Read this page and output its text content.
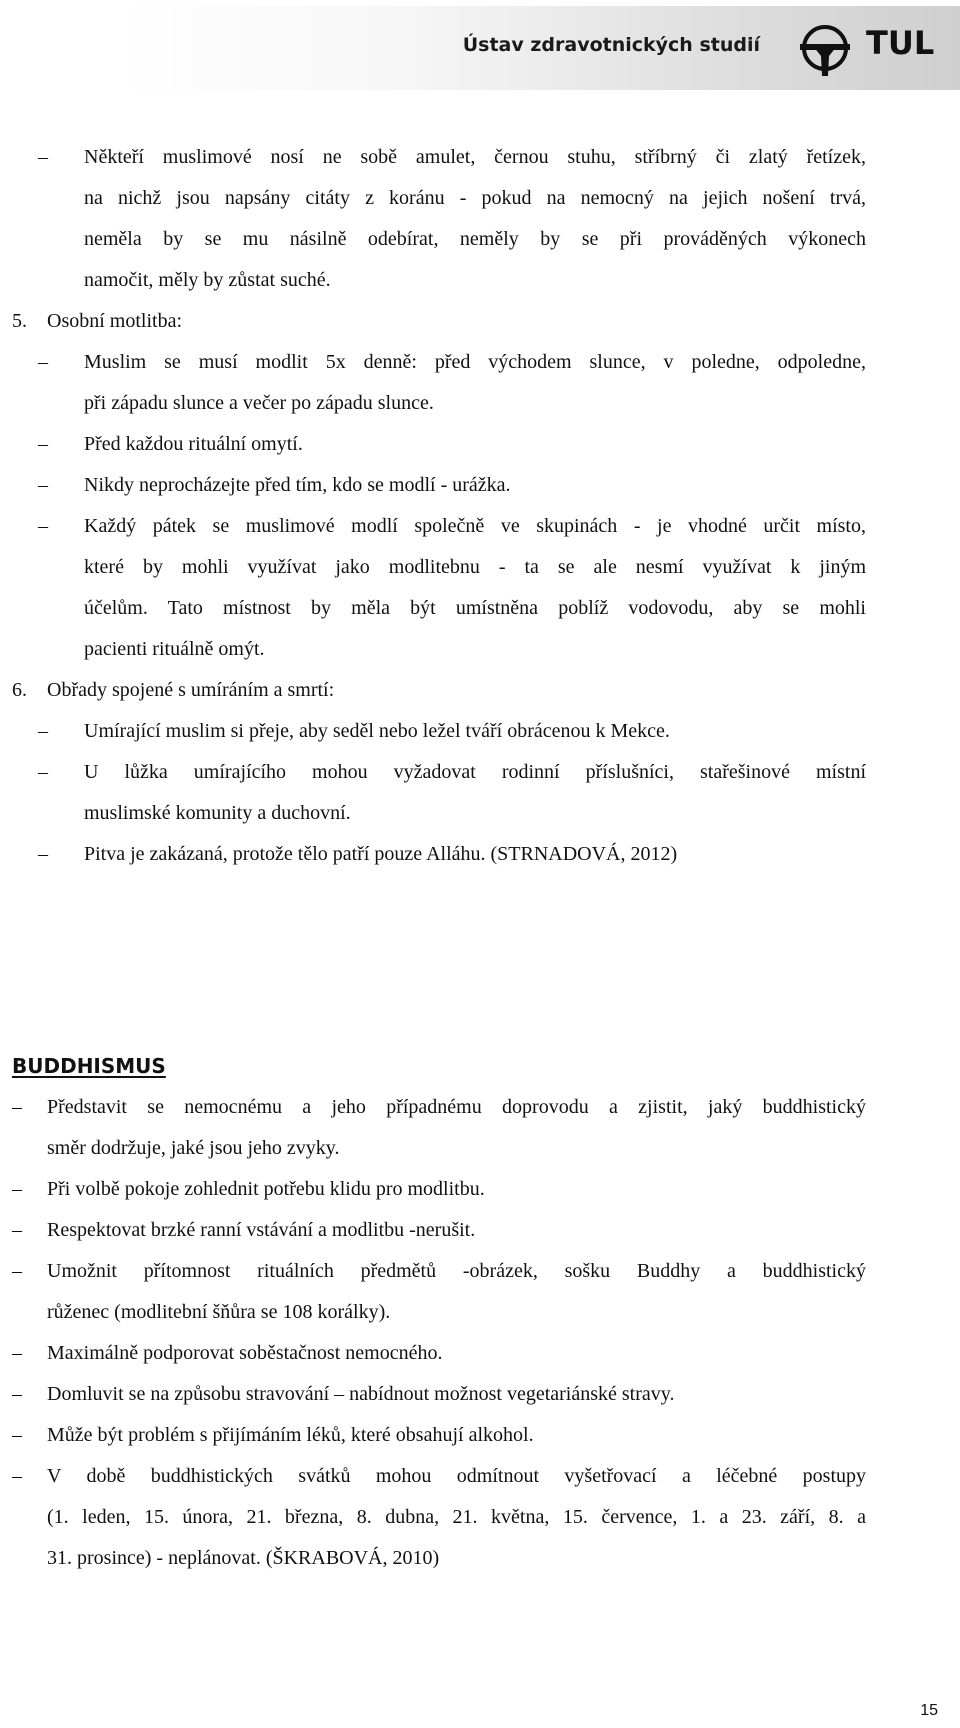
Ústav zdravotnických studií	TUL
– Někteří muslimové nosí ne sobě amulet, černou stuhu, stříbrný či zlatý řetízek,
na nichž jsou napsány citáty z koránu - pokud na nemocný na jejich nošení trvá,
neměla by se mu násilně odebírat, neměly by se při prováděných výkonech
namočit, měly by zůstat suché.
5. Osobní motlitba:
– Muslim se musí modlit 5x denně: před východem slunce, v poledne, odpoledne,
při západu slunce a večer po západu slunce.
– Před každou rituální omytí.
– Nikdy neprocházejte před tím, kdo se modlí - urážka.
– Každý pátek se muslimové modlí společně ve skupinách - je vhodné určit místo,
které by mohli využívat jako modlitebnu - ta se ale nesmí využívat k jiným
účelům. Tato místnost by měla být umístněna poblíž vodovodu, aby se mohli
pacienti rituálně omýt.
6. Obřady spojené s umíráním a smrtí:
– Umírající muslim si přeje, aby seděl nebo ležel tváří obrácenou k Mekce.
– U lůžka umírajícího mohou vyžadovat rodinní příslušníci, stařešinové místní
muslimské komunity a duchovní.
– Pitva je zakázaná, protože tělo patří pouze Alláhu. (STRNADOVÁ, 2012)
BUDDHISMUS
– Představit se nemocnému a jeho případnému doprovodu a zjistit, jaký buddhistický
směr dodržuje, jaké jsou jeho zvyky.
– Při volbě pokoje zohlednit potřebu klidu pro modlitbu.
– Respektovat brzké ranní vstávání a modlitbu -nerušit.
– Umožnit přítomnost rituálních předmětů -obrázek, sošku Buddhy a buddhistický
růženec (modlitební šňůra se 108 korálky).
– Maximálně podporovat soběstačnost nemocného.
– Domluvit se na způsobu stravování – nabídnout možnost vegetariánské stravy.
– Může být problém s přijímáním léků, které obsahují alkohol.
– V době buddhistických svátků mohou odmítnout vyšetřovací a léčebné postupy
(1. leden, 15. února, 21. března, 8. dubna, 21. května, 15. července, 1. a 23. září, 8. a
31. prosince) - neplánovat. (ŠKRABOVÁ, 2010)
15
